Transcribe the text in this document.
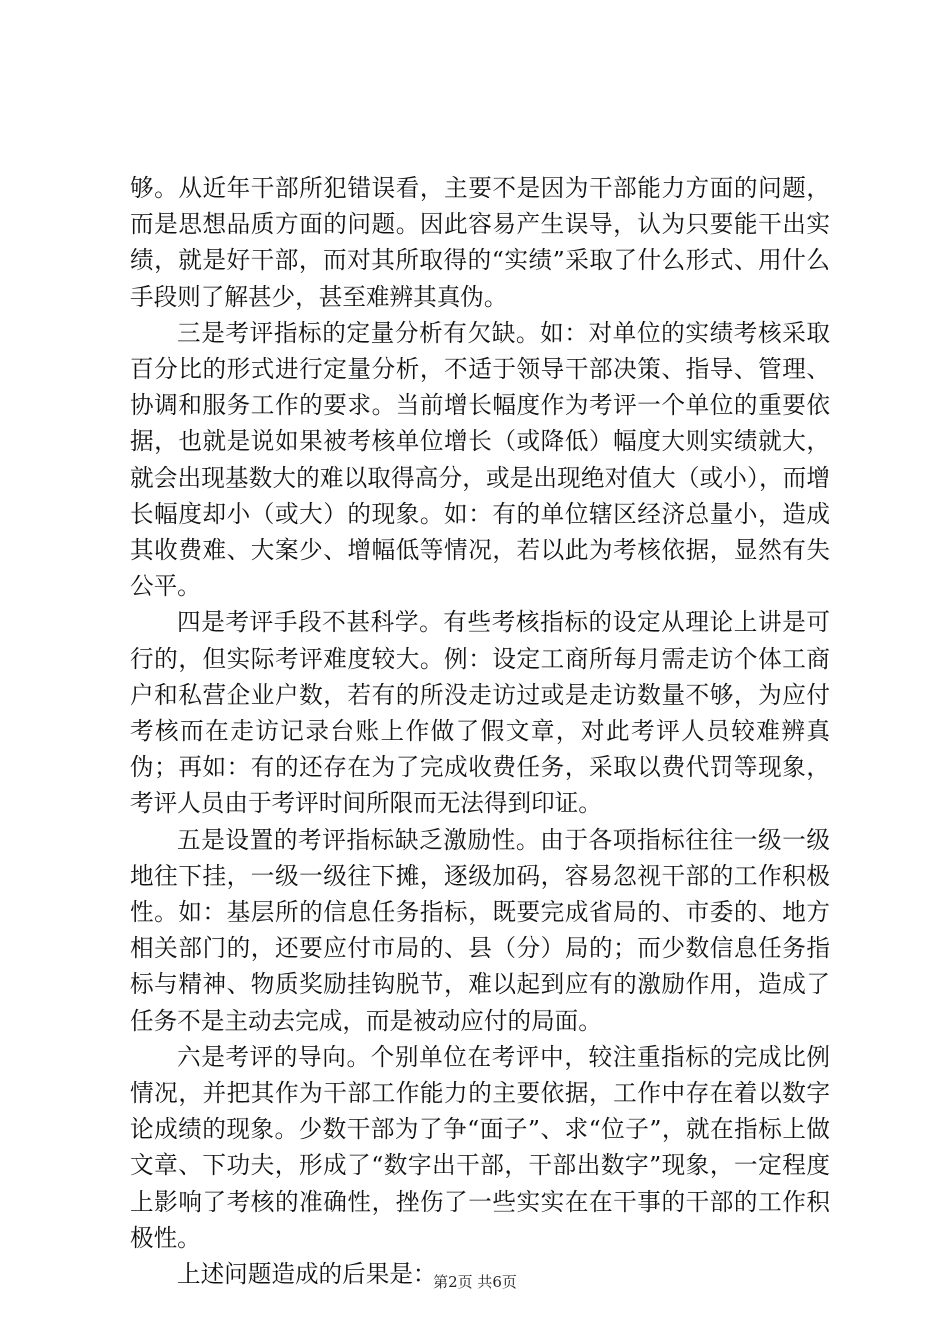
够。从近年干部所犯错误看，主要不是因为干部能力方面的问题，而是思想品质方面的问题。因此容易产生误导，认为只要能干出实绩，就是好干部，而对其所取得的“实绩”采取了什么形式、用什么手段则了解甚少，甚至难辨其真伪。

三是考评指标的定量分析有欠缺。如：对单位的实绩考核采取百分比的形式进行定量分析，不适于领导干部决策、指导、管理、协调和服务工作的要求。当前增长幅度作为考评一个单位的重要依据，也就是说如果被考核单位增长（或降低）幅度大则实绩就大，就会出现基数大的难以取得高分，或是出现绝对值大（或小），而增长幅度却小（或大）的现象。如：有的单位辖区经济总量小，造成其收费难、大案少、增幅低等情况，若以此为考核依据，显然有失公平。

四是考评手段不甚科学。有些考核指标的设定从理论上讲是可行的，但实际考评难度较大。例：设定工商所每月需走访个体工商户和私营企业户数，若有的所没走访过或是走访数量不够，为应付考核而在走访记录台账上作做了假文章，对此考评人员较难辨真伪；再如：有的还存在为了完成收费任务，采取以费代罚等现象，考评人员由于考评时间所限而无法得到印证。

五是设置的考评指标缺乏激励性。由于各项指标往往一级一级地往下挂，一级一级往下摊，逐级加码，容易忽视干部的工作积极性。如：基层所的信息任务指标，既要完成省局的、市委的、地方相关部门的，还要应付市局的、县（分）局的；而少数信息任务指标与精神、物质奖励挂钩脱节，难以起到应有的激励作用，造成了任务不是主动去完成，而是被动应付的局面。

六是考评的导向。个别单位在考评中，较注重指标的完成比例情况，并把其作为干部工作能力的主要依据，工作中存在着以数字论成绩的现象。少数干部为了争“面子”、求“位子”，就在指标上做文章、下功夫，形成了“数字出干部，干部出数字”现象，一定程度上影响了考核的准确性，挫伤了一些实实在在干事的干部的工作积极性。

上述问题造成的后果是：

第2页 共6页
